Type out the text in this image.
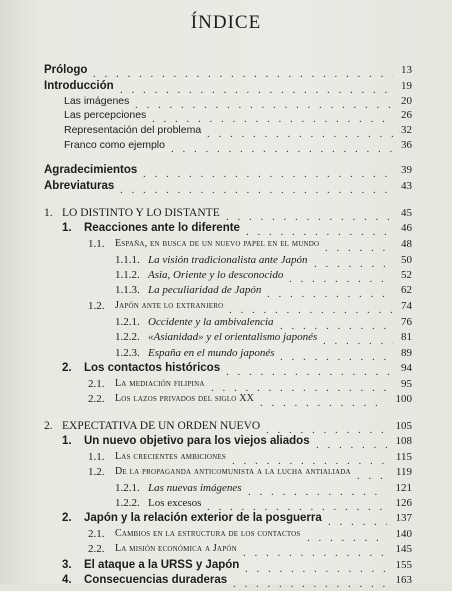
ÍNDICE
Prólogo	13
. . .
Introducción	19
. . .
Las imágenes	20
. . .
Las percepciones	26
. . .
Representación del problema	32
. . .
Franco como ejemplo	36
. . .
Agradecimientos	39
. . .
Abreviaturas	43
. . .
1. LO DISTINTO Y LO DISTANTE	45
. . .
1. Reacciones ante lo diferente	46
. . .
1.1. España, en busca de un nuevo papel en el mundo	48
. . .
1.1.1. La visión tradicionalista ante Japón	50
. . .
1.1.2. Asia, Oriente y lo desconocido	52
. . .
1.1.3. La peculiaridad de Japón	62
. . .
1.2. Japón ante lo extranjero	74
. . .
1.2.1. Occidente y la ambivalencia	76
. . .
1.2.2. «Asianidad» y el orientalismo japonés	81
. . .
1.2.3. España en el mundo japonés	89
. . .
2. Los contactos históricos	94
. . .
2.1. La mediación filipina	95
. . .
2.2. Los lazos privados del siglo XX	100
. . .
2. EXPECTATIVA DE UN ORDEN NUEVO	105
. . .
1. Un nuevo objetivo para los viejos aliados	108
. . .
1.1. Las crecientes ambiciones	115
. . .
1.2. De la propaganda anticomunista a la lucha antialiada	119
. . .
1.2.1. Las nuevas imágenes	121
. . .
1.2.2. Los excesos	126
. . .
2. Japón y la relación exterior de la posguerra	137
. . .
2.1. Cambios en la estructura de los contactos	140
. . .
2.2. La misión económica a Japón	145
. . .
3. El ataque a la URSS y Japón	155
. . .
4. Consecuencias duraderas	163
. . .
